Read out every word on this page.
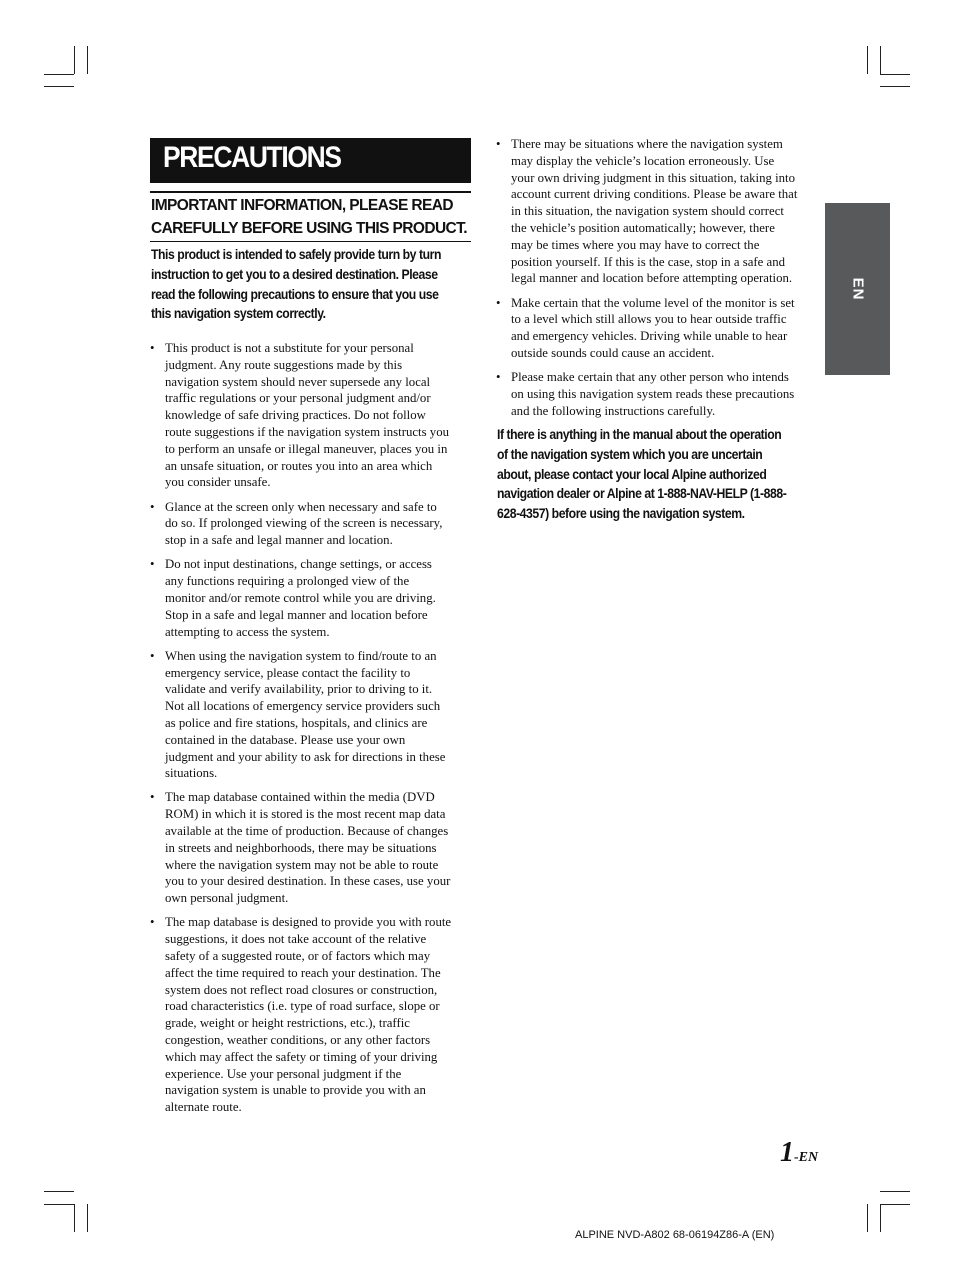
PRECAUTIONS
IMPORTANT INFORMATION, PLEASE READ
CAREFULLY BEFORE USING THIS PRODUCT.
This product is intended to safely provide turn by turn
instruction to get you to a desired destination. Please
read the following precautions to ensure that you use
this navigation system correctly.
• This product is not a substitute for your personal
judgment. Any route suggestions made by this
navigation system should never supersede any local
traffic regulations or your personal judgment and/or
knowledge of safe driving practices. Do not follow
route suggestions if the navigation system instructs you
to perform an unsafe or illegal maneuver, places you in
an unsafe situation, or routes you into an area which
you consider unsafe.
• Glance at the screen only when necessary and safe to
do so. If prolonged viewing of the screen is necessary,
stop in a safe and legal manner and location.
• Do not input destinations, change settings, or access
any functions requiring a prolonged view of the
monitor and/or remote control while you are driving.
Stop in a safe and legal manner and location before
attempting to access the system.
• When using the navigation system to find/route to an
emergency service, please contact the facility to
validate and verify availability, prior to driving to it.
Not all locations of emergency service providers such
as police and fire stations, hospitals, and clinics are
contained in the database. Please use your own
judgment and your ability to ask for directions in these
situations.
• The map database contained within the media (DVD
ROM) in which it is stored is the most recent map data
available at the time of production. Because of changes
in streets and neighborhoods, there may be situations
where the navigation system may not be able to route
you to your desired destination. In these cases, use your
own personal judgment.
• The map database is designed to provide you with route
suggestions, it does not take account of the relative
safety of a suggested route, or of factors which may
affect the time required to reach your destination. The
system does not reflect road closures or construction,
road characteristics (i.e. type of road surface, slope or
grade, weight or height restrictions, etc.), traffic
congestion, weather conditions, or any other factors
which may affect the safety or timing of your driving
experience. Use your personal judgment if the
navigation system is unable to provide you with an
alternate route.
• There may be situations where the navigation system
may display the vehicle’s location erroneously. Use
your own driving judgment in this situation, taking into
account current driving conditions. Please be aware that
in this situation, the navigation system should correct
the vehicle’s position automatically; however, there
may be times where you may have to correct the
position yourself. If this is the case, stop in a safe and
legal manner and location before attempting operation.
• Make certain that the volume level of the monitor is set
to a level which still allows you to hear outside traffic
and emergency vehicles. Driving while unable to hear
outside sounds could cause an accident.
• Please make certain that any other person who intends
on using this navigation system reads these precautions
and the following instructions carefully.
If there is anything in the manual about the operation
of the navigation system which you are uncertain
about, please contact your local Alpine authorized
navigation dealer or Alpine at 1-888-NAV-HELP (1-888-
628-4357) before using the navigation system.
EN
1-EN
ALPINE NVD-A802 68-06194Z86-A (EN)
